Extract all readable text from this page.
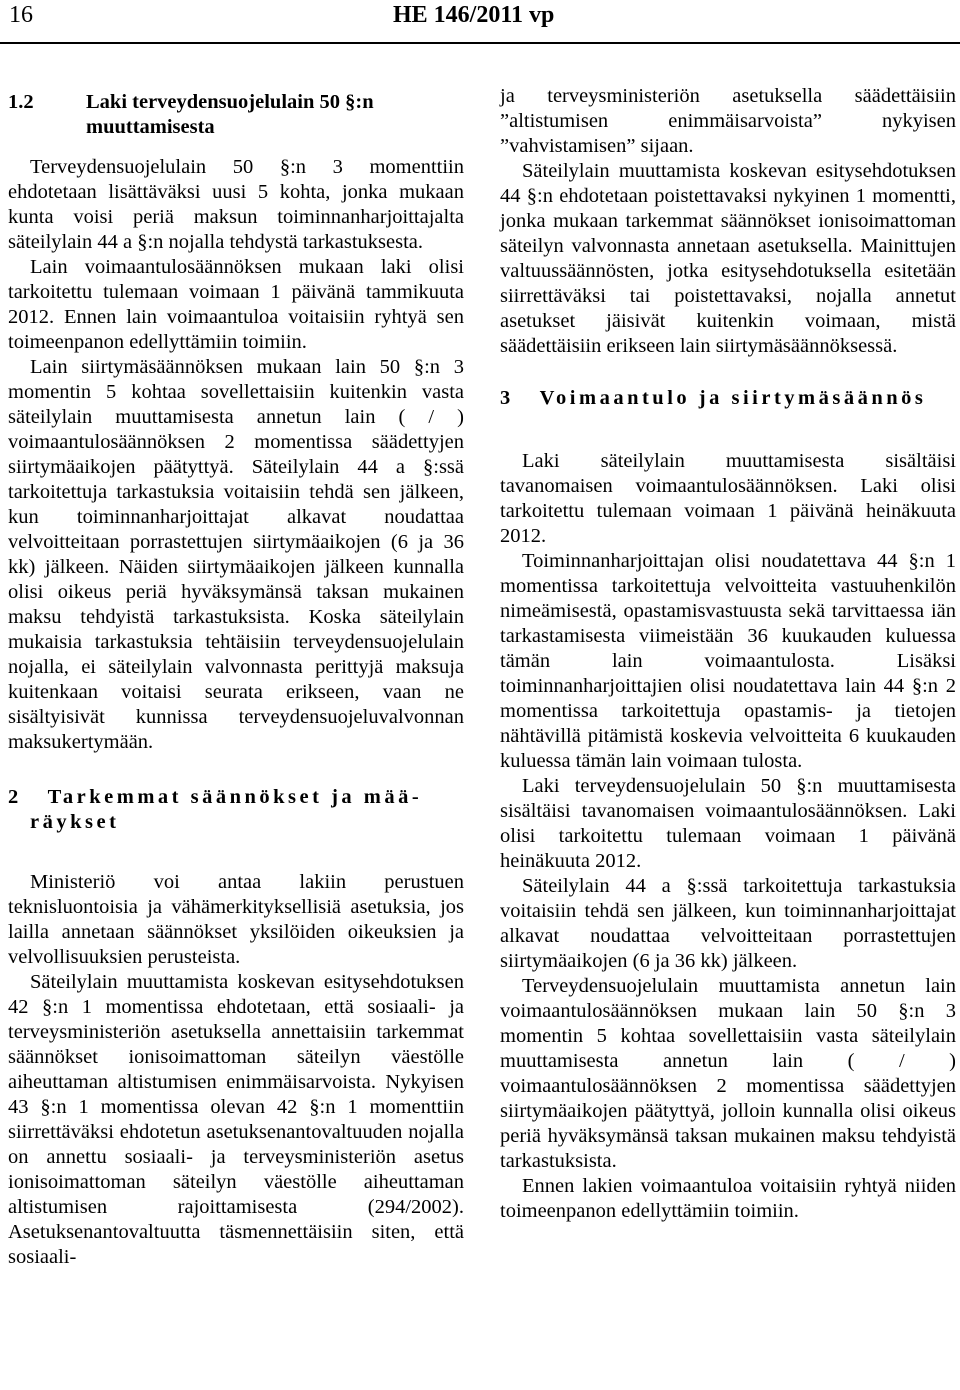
16	HE 146/2011 vp
1.2	Laki terveydensuojelulain 50 §:n
muuttamisesta

Terveydensuojelulain 50 §:n 3 momenttiin ehdotetaan lisättäväksi uusi 5 kohta, jonka mukaan kunta voisi periä maksun toiminnanharjoittajalta säteilylain 44 a §:n nojalla tehdystä tarkastuksesta.

Lain voimaantulosäännöksen mukaan laki olisi tarkoitettu tulemaan voimaan 1 päivänä tammikuuta 2012. Ennen lain voimaantuloa voitaisiin ryhtyä sen toimeenpanon edellyttämiin toimiin.

Lain siirtymäsäännöksen mukaan lain 50 §:n 3 momentin 5 kohtaa sovellettaisiin kuitenkin vasta säteilylain muuttamisesta annetun lain ( / ) voimaantulosäännöksen 2 momentissa säädettyjen siirtymäaikojen päätyttyä. Säteilylain 44 a §:ssä tarkoitettuja tarkastuksia voitaisiin tehdä sen jälkeen, kun toiminnanharjoittajat alkavat noudattaa velvoitteitaan porrastettujen siirtymäaikojen (6 ja 36 kk) jälkeen. Näiden siirtymäaikojen jälkeen kunnalla olisi oikeus periä hyväksymänsä taksan mukainen maksu tehdyistä tarkastuksista. Koska säteilylain mukaisia tarkastuksia tehtäisiin terveydensuojelulain nojalla, ei säteilylain valvonnasta perittyjä maksuja kuitenkaan voitaisi seurata erikseen, vaan ne sisältyisivät kunnissa terveydensuojeluvalvonnan maksukertymään.

2 Tarkemmat säännökset ja mää-
räykset

Ministeriö voi antaa lakiin perustuen teknisluontoisia ja vähämerkityksellisiä asetuksia, jos lailla annetaan säännökset yksilöiden oikeuksien ja velvollisuuksien perusteista.

Säteilylain muuttamista koskevan esitysehdotuksen 42 §:n 1 momentissa ehdotetaan, että sosiaali- ja terveysministeriön asetuksella annettaisiin tarkemmat säännökset ionisoimattoman säteilyn väestölle aiheuttaman altistumisen enimmäisarvoista. Nykyisen 43 §:n 1 momentissa olevan 42 §:n 1 momenttiin siirrettäväksi ehdotetun asetuksenantovaltuuden nojalla on annettu sosiaali- ja terveysministeriön asetus ionisoimattoman säteilyn väestölle aiheuttaman altistumisen rajoittamisesta (294/2002). Asetuksenantovaltuutta täsmennettäisiin siten, että sosiaali-

ja terveysministeriön asetuksella säädettäisiin ”altistumisen enimmäisarvoista” nykyisen ”vahvistamisen” sijaan.

Säteilylain muuttamista koskevan esitysehdotuksen 44 §:n ehdotetaan poistettavaksi nykyinen 1 momentti, jonka mukaan tarkemmat säännökset ionisoimattoman säteilyn valvonnasta annetaan asetuksella. Mainittujen valtuussäännösten, jotka esitysehdotuksella esitetään siirrettäväksi tai poistettavaksi, nojalla annetut asetukset jäisivät kuitenkin voimaan, mistä säädettäisiin erikseen lain siirtymäsäännöksessä.

3 Voimaantulo ja siirtymäsäännös

Laki säteilylain muuttamisesta sisältäisi tavanomaisen voimaantulosäännöksen. Laki olisi tarkoitettu tulemaan voimaan 1 päivänä heinäkuuta 2012.

Toiminnanharjoittajan olisi noudatettava 44 §:n 1 momentissa tarkoitettuja velvoitteita vastuuhenkilön nimeämisestä, opastamisvastuusta sekä tarvittaessa iän tarkastamisesta viimeistään 36 kuukauden kuluessa tämän lain voimaantulosta. Lisäksi toiminnanharjoittajien olisi noudatettava lain 44 §:n 2 momentissa tarkoitettuja opastamis- ja tietojen nähtävillä pitämistä koskevia velvoitteita 6 kuukauden kuluessa tämän lain voimaan tulosta.

Laki terveydensuojelulain 50 §:n muuttamisesta sisältäisi tavanomaisen voimaantulosäännöksen. Laki olisi tarkoitettu tulemaan voimaan 1 päivänä heinäkuuta 2012.

Säteilylain 44 a §:ssä tarkoitettuja tarkastuksia voitaisiin tehdä sen jälkeen, kun toiminnanharjoittajat alkavat noudattaa velvoitteitaan porrastettujen siirtymäaikojen (6 ja 36 kk) jälkeen.

Terveydensuojelulain muuttamista annetun lain voimaantulosäännöksen mukaan lain 50 §:n 3 momentin 5 kohtaa sovellettaisiin vasta säteilylain muuttamisesta annetun lain ( / ) voimaantulosäännöksen 2 momentissa säädettyjen siirtymäaikojen päätyttyä, jolloin kunnalla olisi oikeus periä hyväksymänsä taksan mukainen maksu tehdyistä tarkastuksista.

Ennen lakien voimaantuloa voitaisiin ryhtyä niiden toimeenpanon edellyttämiin toimiin.
